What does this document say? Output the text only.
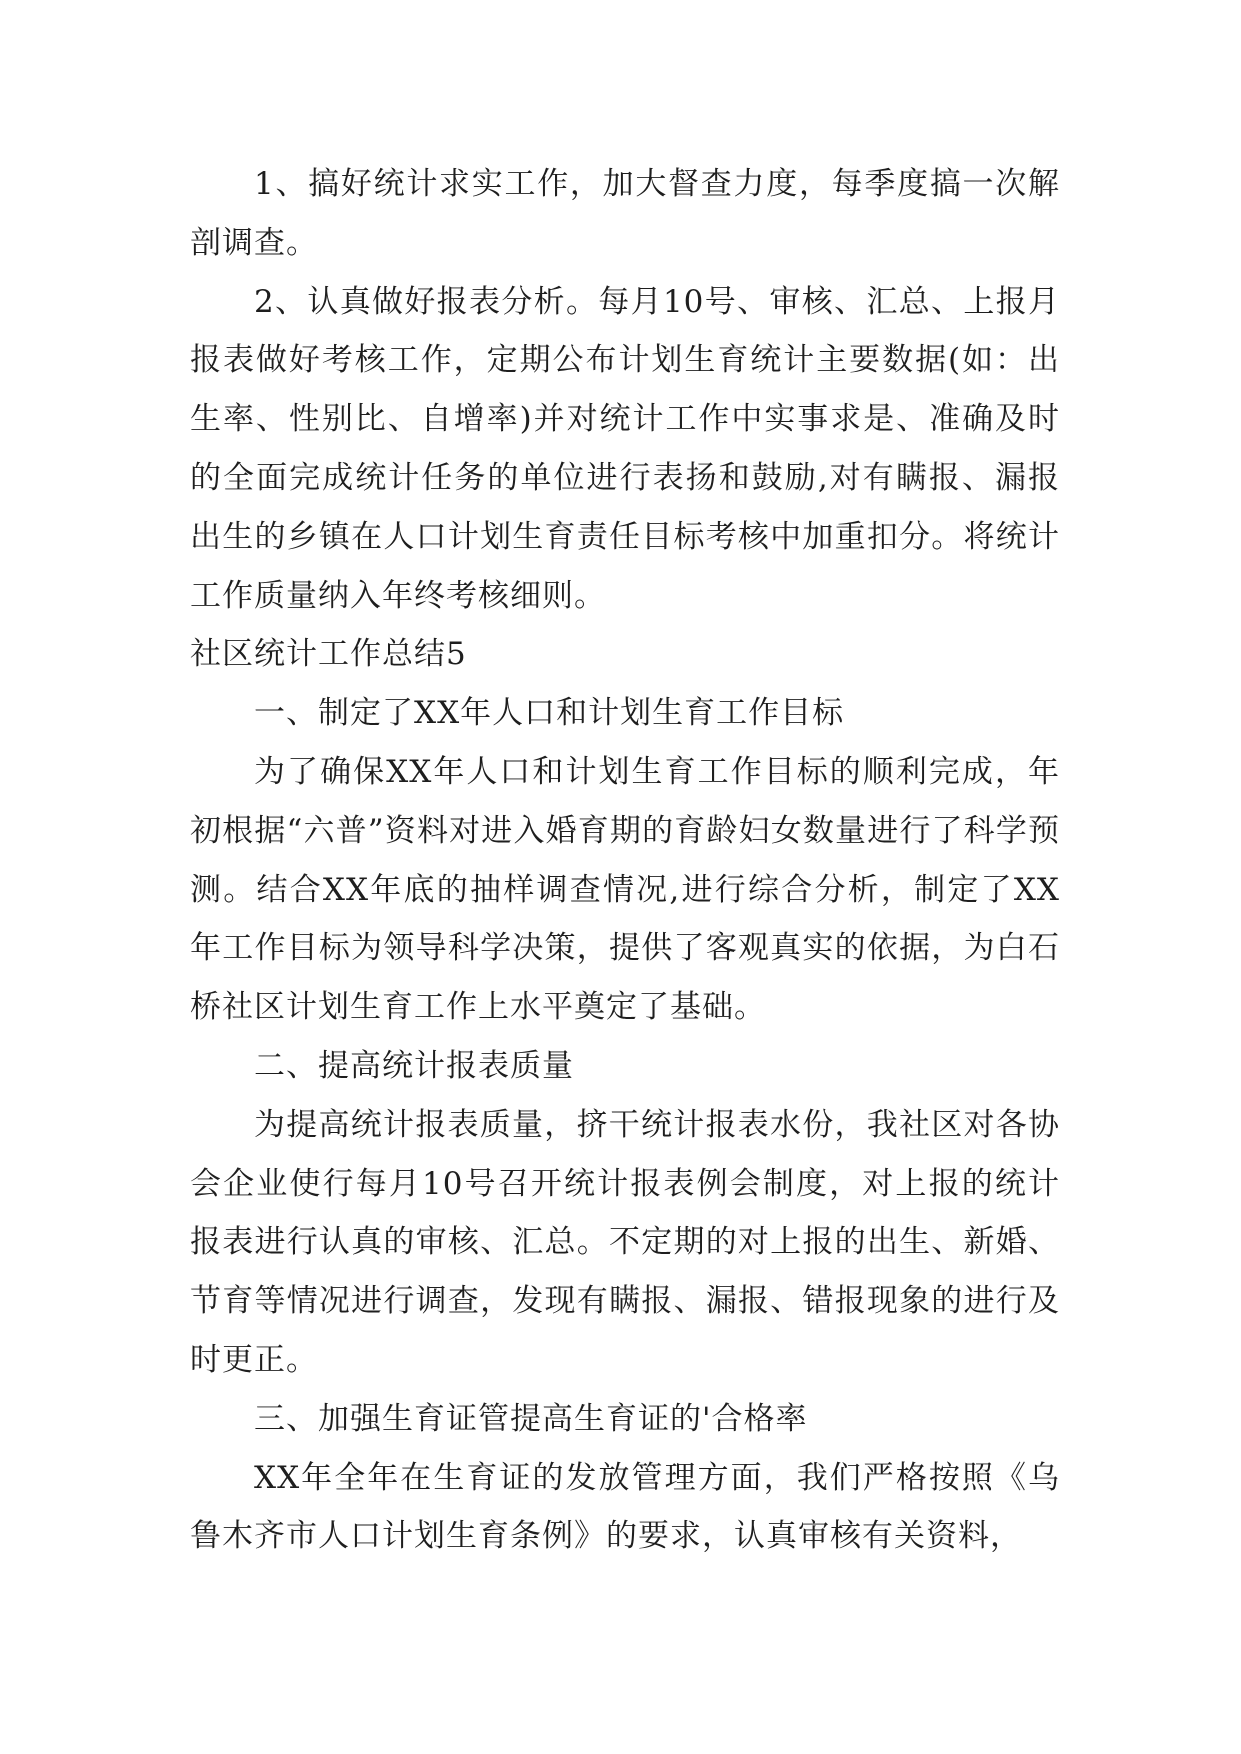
1、搞好统计求实工作，加大督查力度，每季度搞一次解剖调查。

2、认真做好报表分析。每月10号、审核、汇总、上报月报表做好考核工作，定期公布计划生育统计主要数据(如：出生率、性别比、自增率)并对统计工作中实事求是、准确及时的全面完成统计任务的单位进行表扬和鼓励,对有瞒报、漏报出生的乡镇在人口计划生育责任目标考核中加重扣分。将统计工作质量纳入年终考核细则。

社区统计工作总结5

一、制定了XX年人口和计划生育工作目标

为了确保XX年人口和计划生育工作目标的顺利完成，年初根据“六普”资料对进入婚育期的育龄妇女数量进行了科学预测。结合XX年底的抽样调查情况,进行综合分析，制定了XX年工作目标为领导科学决策，提供了客观真实的依据，为白石桥社区计划生育工作上水平奠定了基础。

二、提高统计报表质量

为提高统计报表质量，挤干统计报表水份，我社区对各协会企业使行每月10号召开统计报表例会制度，对上报的统计报表进行认真的审核、汇总。不定期的对上报的出生、新婚、节育等情况进行调查，发现有瞒报、漏报、错报现象的进行及时更正。

三、加强生育证管提高生育证的'合格率

XX年全年在生育证的发放管理方面，我们严格按照《乌鲁木齐市人口计划生育条例》的要求，认真审核有关资料，
